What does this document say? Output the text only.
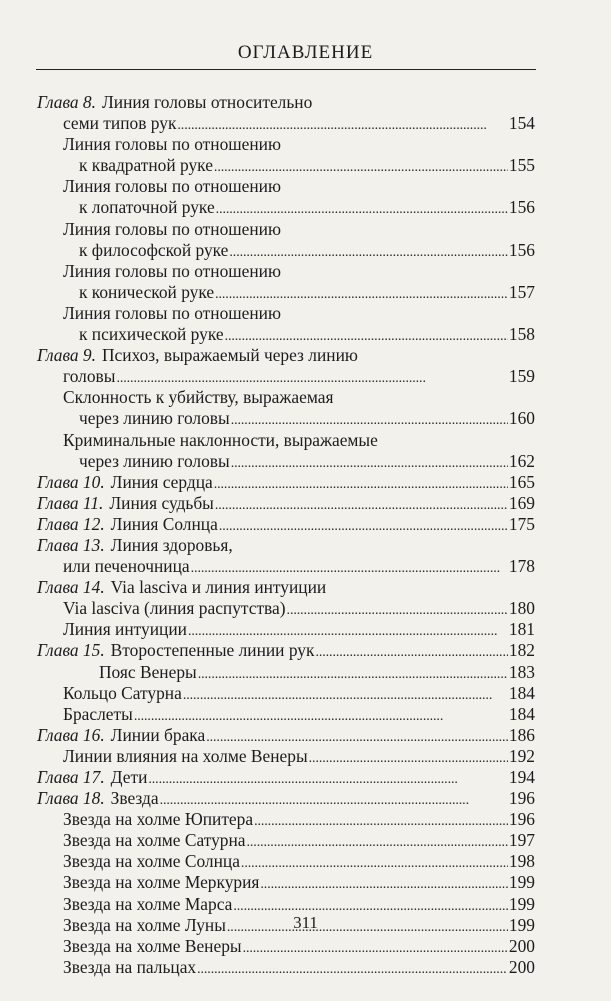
ОГЛАВЛЕНИЕ
Глава 8. Линия головы относительно
семи типов рук . . .	154
Линия головы по отношению
к квадратной руке . . .	155
Линия головы по отношению
к лопаточной руке . . .	156
Линия головы по отношению
к философской руке . . .	156
Линия головы по отношению
к конической руке . . .	157
Линия головы по отношению
к психической руке . . .	158
Глава 9. Психоз, выражаемый через линию
головы . . .	159
Склонность к убийству, выражаемая
через линию головы . . .	160
Криминальные наклонности, выражаемые
через линию головы . . .	162
Глава 10. Линия сердца . . .	165
Глава 11. Линия судьбы . . .	169
Глава 12. Линия Солнца . . .	175
Глава 13. Линия здоровья,
или печеночница . . .	178
Глава 14. Via lasciva и линия интуиции
Via lasciva (линия распутства) . . .	180
Линия интуиции . . .	181
Глава 15. Второстепенные линии рук . . .	182
Пояс Венеры . . .	183
Кольцо Сатурна . . .	184
Браслеты . . .	184
Глава 16. Линии брака . . .	186
Линии влияния на холме Венеры . . .	192
Глава 17. Дети . . .	194
Глава 18. Звезда . . .	196
Звезда на холме Юпитера . . .	196
Звезда на холме Сатурна . . .	197
Звезда на холме Солнца . . .	198
Звезда на холме Меркурия . . .	199
Звезда на холме Марса . . .	199
Звезда на холме Луны . . .	199
Звезда на холме Венеры . . .	200
Звезда на пальцах . . .	200
311
